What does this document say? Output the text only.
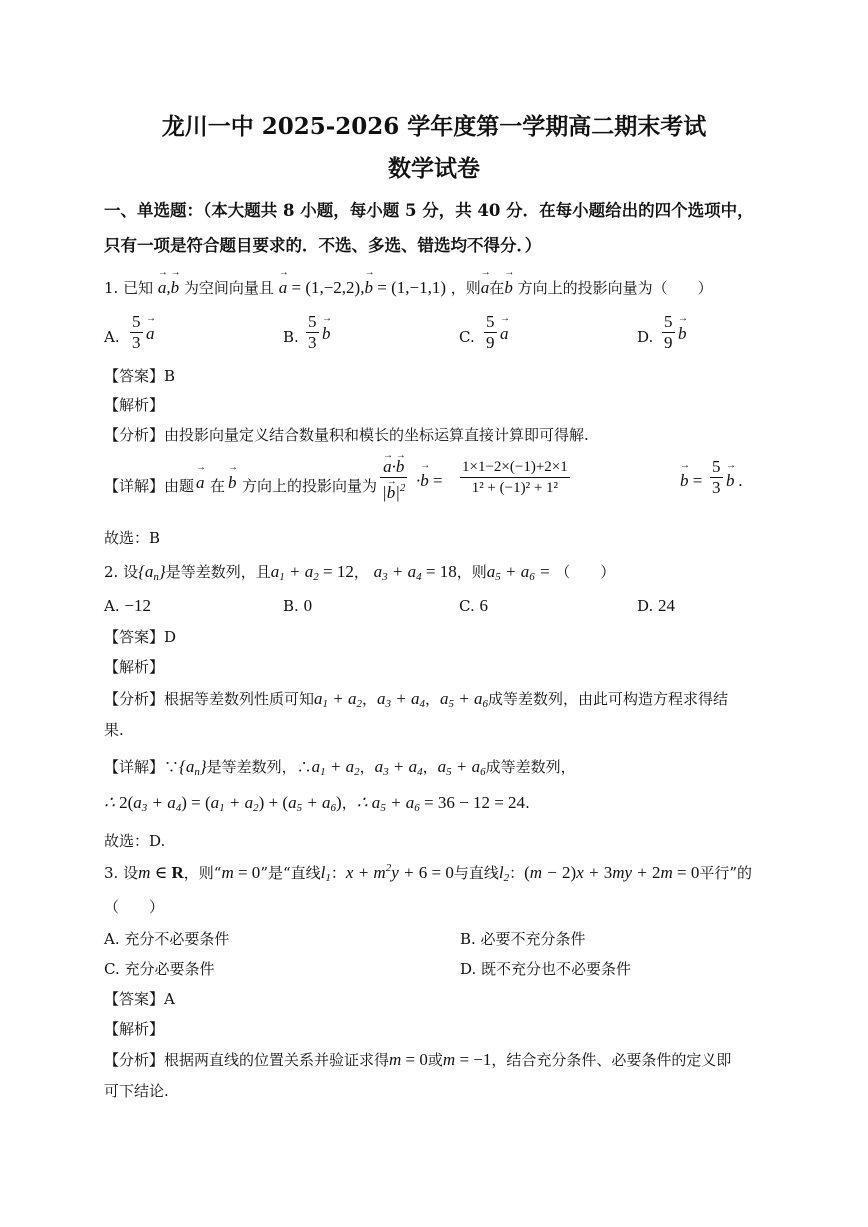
龙川一中 2025-2026 学年度第一学期高二期末考试
数学试卷
一、单选题：（本大题共 8 小题，每小题 5 分，共 40 分．在每小题给出的四个选项中，
只有一项是符合题目要求的．不选、多选、错选均不得分．）
1. 已知 → a,→ b 为空间向量且 → a = (1,−2,2),→ b = (1,−1,1) ，则→ a在→ b 方向上的投影向量为（　　）
A. $\frac{5}{3}$
→ a	B. $\frac{5}{3}$
→ b	C. $\frac{5}{9}$
→ a	D. $\frac{5}{9}$
→ b
【答案】B
【解析】
【分析】由投影向量定义结合数量积和模长的坐标运算直接计算即可得解.
【详解】由题
→ a 在
→ b 方向上的投影向量为
→ $\frac{a\cdot\to b}{|\to b|^2} \cdot\to b = \frac{1\times 1-2\times(-1)+2\times 1}{\text{1² + (−1)² + 1²}}$
→	$b = \frac{5}{3}$
→ b .
故选：B
2. 设$\{a_n\}$是等差数列，且$a_1 + a_2 = 12$， $a_3 + a_4 = 18$，则$a_5 + a_6$ = （　　）
A. −12	B. 0	C. 6	D. 24
【答案】D
【解析】
【分析】根据等差数列性质可知$a_1 + a_2$，$a_3 + a_4$，$a_5 + a_6$成等差数列，由此可构造方程求得结
果.
【详解】$\because\{a_n\}$是等差数列，$\therefore a_1 + a_2$，$a_3 + a_4$，$a_5 + a_6$成等差数列，
∴ $2(a_3 + a_4) = (a_1 + a_2) + (a_5 + a_6)$，∴ $a_5 + a_6 = 36 - 12 = 24$.
故选：D.
3. 设m ∈ R，则“m = 0”是“直线$l_1$：$x + m^2y + 6 = 0$与直线$l_2$：(m − 2)x + 3my + 2m = 0平行”的
（　　）
A. 充分不必要条件	B. 必要不充分条件
C. 充分必要条件	D. 既不充分也不必要条件
【答案】A
【解析】
【分析】根据两直线的位置关系并验证求得m = 0或m = −1，结合充分条件、必要条件的定义即
可下结论.
